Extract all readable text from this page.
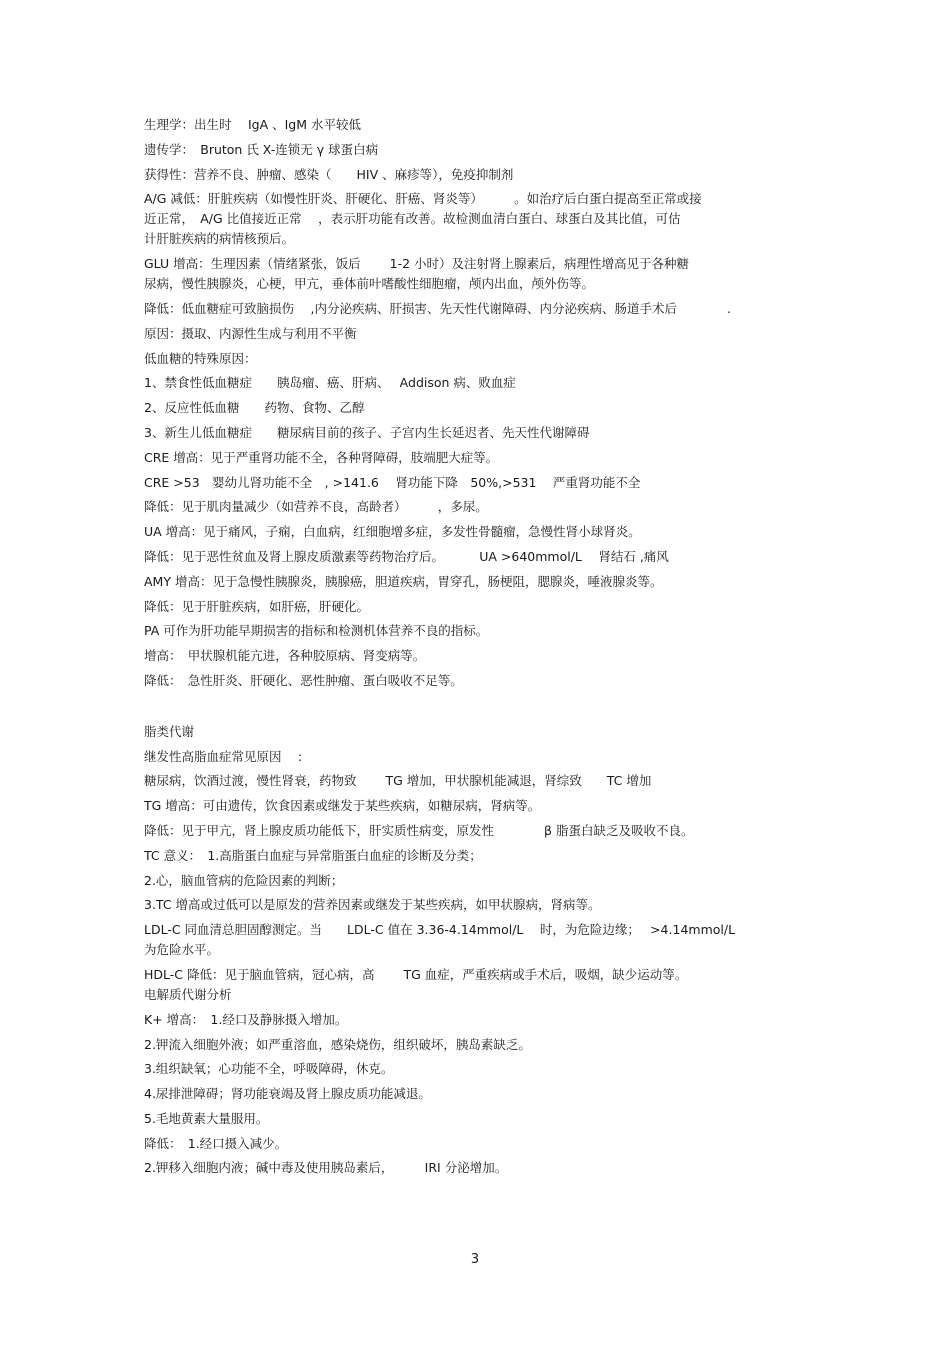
生理学：出生时　 IgA 、IgM 水平较低
遗传学：　Bruton 氏 X-连锁无 γ 球蛋白病
获得性：营养不良、肿瘤、感染（　　HIV 、麻疹等），免疫抑制剂
A/G 减低：肝脏疾病（如慢性肝炎、肝硬化、肝癌、肾炎等）　　　。如治疗后白蛋白提高至正常或接
近正常，　A/G 比值接近正常　 ，表示肝功能有改善。故检测血清白蛋白、球蛋白及其比值，可估
计肝脏疾病的病情核预后。
GLU 增高：生理因素（情绪紧张，饭后　　 1-2 小时）及注射肾上腺素后，病理性增高见于各种糖
尿病，慢性胰腺炎，心梗，甲亢，垂体前叶嗜酸性细胞瘤，颅内出血，颅外伤等。
降低：低血糖症可致脑损伤　 ,内分泌疾病、肝损害、先天性代谢障碍、内分泌疾病、肠道手术后　　　　.
原因：摄取、内源性生成与利用不平衡
低血糖的特殊原因：
1、禁食性低血糖症　　胰岛瘤、癌、肝病、　 Addison 病、败血症
2、反应性低血糖　　药物、食物、乙醇
3、新生儿低血糖症　　糖尿病目前的孩子、子宫内生长延迟者、先天性代谢障碍
CRE 增高：见于严重肾功能不全，各种肾障碍，肢端肥大症等。
CRE >53　婴幼儿肾功能不全　, >141.6　 肾功能下降　50%,>531　 严重肾功能不全
降低：见于肌肉量减少（如营养不良，高龄者）　　　，多尿。
UA 增高：见于痛风，子痫，白血病，红细胞增多症，多发性骨髓瘤，急慢性肾小球肾炎。
降低：见于恶性贫血及肾上腺皮质激素等药物治疗后。　　　 UA >640mmol/L　 肾结石 ,痛风
AMY 增高：见于急慢性胰腺炎，胰腺癌，胆道疾病，胃穿孔，肠梗阻，腮腺炎，唾液腺炎等。
降低：见于肝脏疾病，如肝癌，肝硬化。
PA 可作为肝功能早期损害的指标和检测机体营养不良的指标。
增高：　甲状腺机能亢进，各种胶原病、肾变病等。
降低：　急性肝炎、肝硬化、恶性肿瘤、蛋白吸收不足等。
脂类代谢
继发性高脂血症常见原因　 :
糖尿病，饮酒过渡，慢性肾衰，药物致　　 TG 增加，甲状腺机能减退，肾综致　　TC 增加
TG 增高：可由遗传，饮食因素或继发于某些疾病，如糖尿病，肾病等。
降低：见于甲亢，肾上腺皮质功能低下，肝实质性病变，原发性　　　　β 脂蛋白缺乏及吸收不良。
TC 意义：　1.高脂蛋白血症与异常脂蛋白血症的诊断及分类；
2.心，脑血管病的危险因素的判断；
3.TC 增高或过低可以是原发的营养因素或继发于某些疾病，如甲状腺病，肾病等。
LDL-C 同血清总胆固醇测定。当　　LDL-C 值在 3.36-4.14mmol/L　 时，为危险边缘；　 >4.14mmol/L
为危险水平。
HDL-C 降低：见于脑血管病，冠心病，高　　 TG 血症，严重疾病或手术后，吸烟，缺少运动等。
电解质代谢分析
K+ 增高：　1.经口及静脉摄入增加。
2.钾流入细胞外液；如严重溶血，感染烧伤，组织破坏，胰岛素缺乏。
3.组织缺氧；心功能不全，呼吸障碍，休克。
4.尿排泄障碍；肾功能衰竭及肾上腺皮质功能减退。
5.毛地黄素大量服用。
降低：　1.经口摄入减少。
2.钾移入细胞内液；碱中毒及使用胰岛素后，　　　IRI 分泌增加。
3
